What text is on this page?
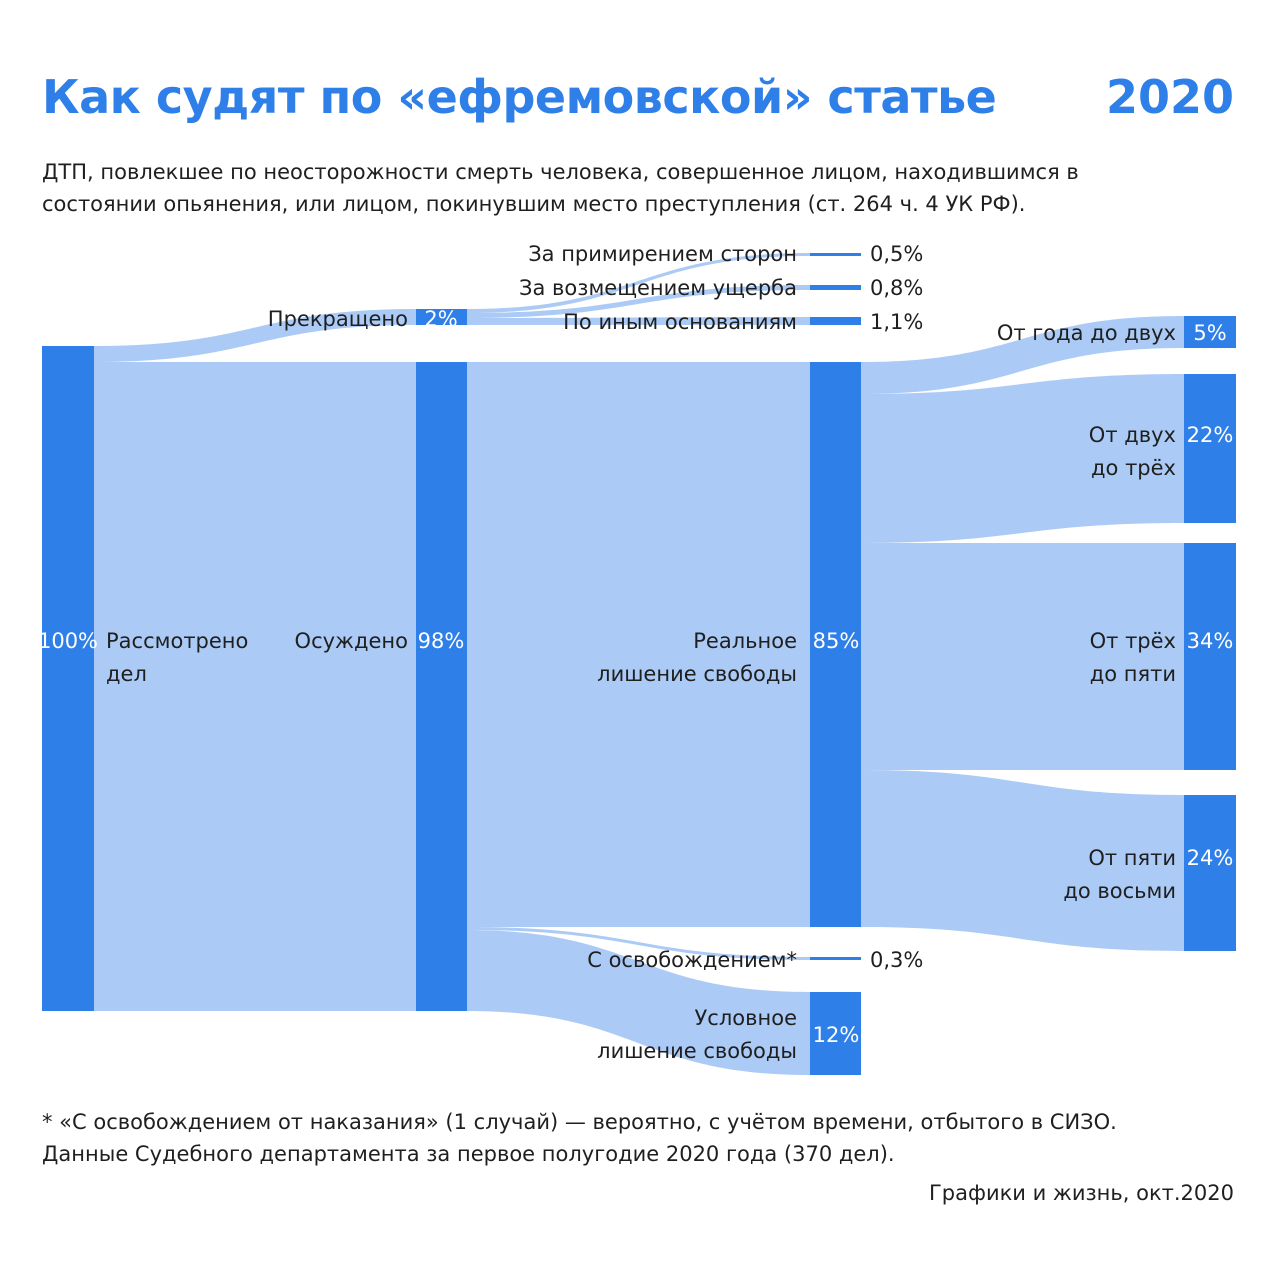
Как судят по «ефремовской» статье 2020
ДТП, повлекшее по неосторожности смерть человека, совершенное лицом, находившимся в состоянии опьянения, или лицом, покинувшим место преступления (ст. 264 ч. 4 УК РФ).
100% Рассмотрено
дел
Прекращено 2%
Осуждено 98%
За примирением сторон	0,5%
За возмещением ущерба	0,8%
По иным основаниям	1,1%
Реальное
лишение свободы
85%
С освобождением*	0,3%
Условное
лишение свободы
12%
От года до двух 5%
От двух
до трёх
22%
От трёх
до пяти
34%
От пяти
до восьми
24%
* «С освобождением от наказания» (1 случай) — вероятно, с учётом времени, отбытого в СИЗО.
Данные Судебного департамента за первое полугодие 2020 года (370 дел).
Графики и жизнь, окт.2020
